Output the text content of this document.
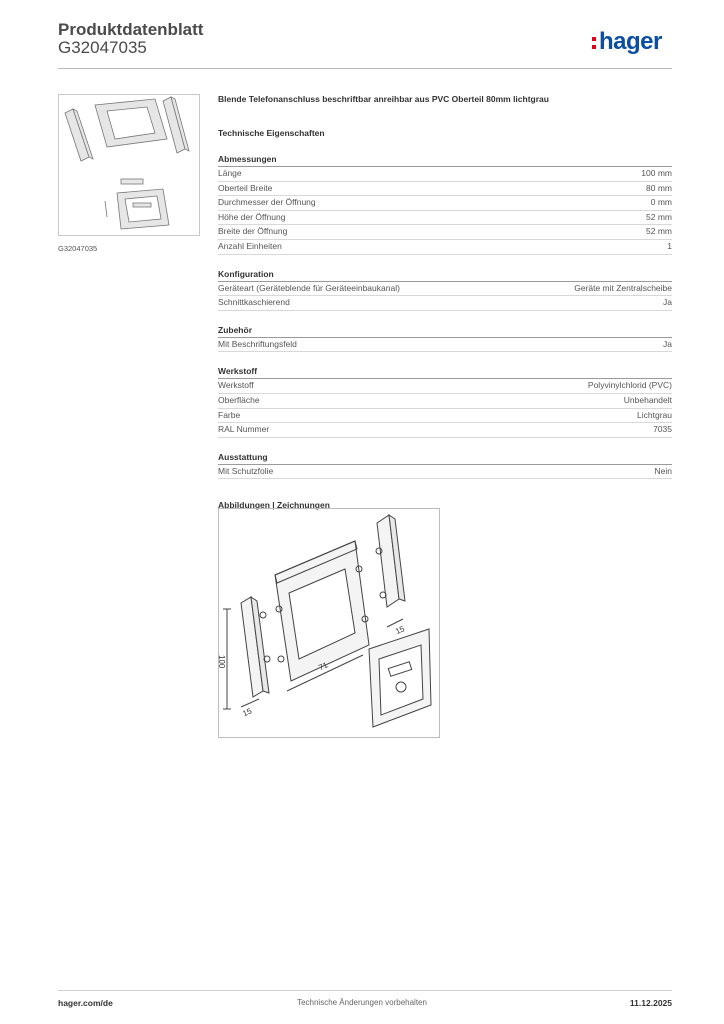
Produktdatenblatt
G32047035	hager
G32047035
Blende Telefonanschluss beschriftbar anreihbar aus PVC Oberteil 80mm lichtgrau
Technische Eigenschaften
Abmessungen
Länge	100 mm
Oberteil Breite	80 mm
Durchmesser der Öffnung	0 mm
Höhe der Öffnung	52 mm
Breite der Öffnung	52 mm
Anzahl Einheiten	1
Konfiguration
Geräteart (Geräteblende für Geräteeinbaukanal)	Geräte mit Zentralscheibe
Schnittkaschierend	Ja
Zubehör
Mit Beschriftungsfeld	Ja
Werkstoff
Werkstoff	Polyvinylchlorid (PVC)
Oberfläche	Unbehandelt
Farbe	Lichtgrau
RAL Nummer	7035
Ausstattung
Mit Schutzfolie	Nein
Abbildungen | Zeichnungen
100	71
15
15
hager.com/de	Technische Änderungen vorbehalten	11.12.2025
